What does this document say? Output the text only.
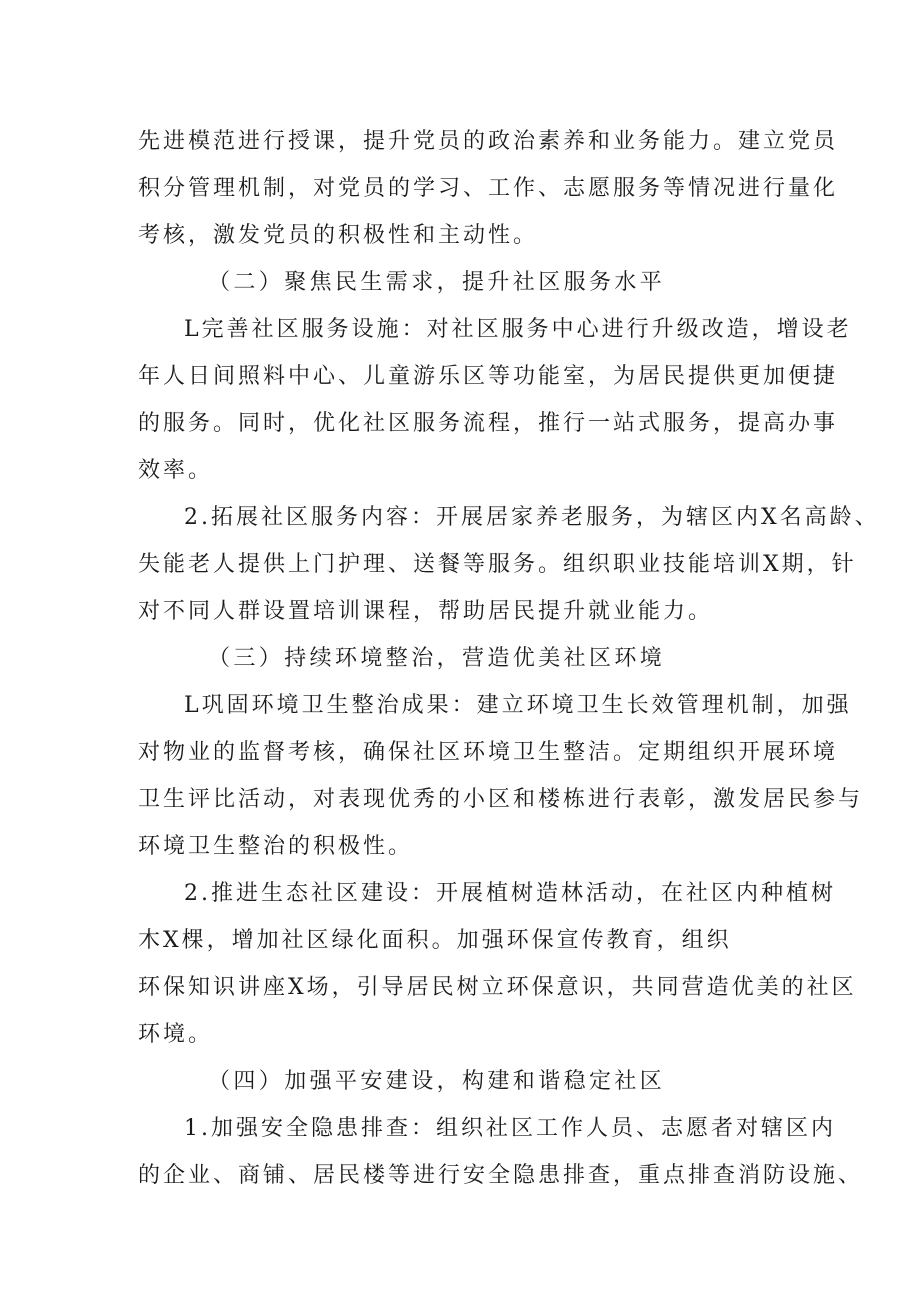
先进模范进行授课，提升党员的政治素养和业务能力。建立党员
积分管理机制，对党员的学习、工作、志愿服务等情况进行量化
考核，激发党员的积极性和主动性。
（二）聚焦民生需求，提升社区服务水平
L完善社区服务设施：对社区服务中心进行升级改造，增设老
年人日间照料中心、儿童游乐区等功能室，为居民提供更加便捷
的服务。同时，优化社区服务流程，推行一站式服务，提高办事
效率。
2.拓展社区服务内容：开展居家养老服务，为辖区内X名高龄、
失能老人提供上门护理、送餐等服务。组织职业技能培训X期，针
对不同人群设置培训课程，帮助居民提升就业能力。
（三）持续环境整治，营造优美社区环境
L巩固环境卫生整治成果：建立环境卫生长效管理机制，加强
对物业的监督考核，确保社区环境卫生整洁。定期组织开展环境
卫生评比活动，对表现优秀的小区和楼栋进行表彰，激发居民参与
环境卫生整治的积极性。
2.推进生态社区建设：开展植树造林活动，在社区内种植树
木X棵，增加社区绿化面积。加强环保宣传教育，组织
环保知识讲座X场，引导居民树立环保意识，共同营造优美的社区
环境。
（四）加强平安建设，构建和谐稳定社区
1.加强安全隐患排查：组织社区工作人员、志愿者对辖区内
的企业、商铺、居民楼等进行安全隐患排查，重点排查消防设施、
